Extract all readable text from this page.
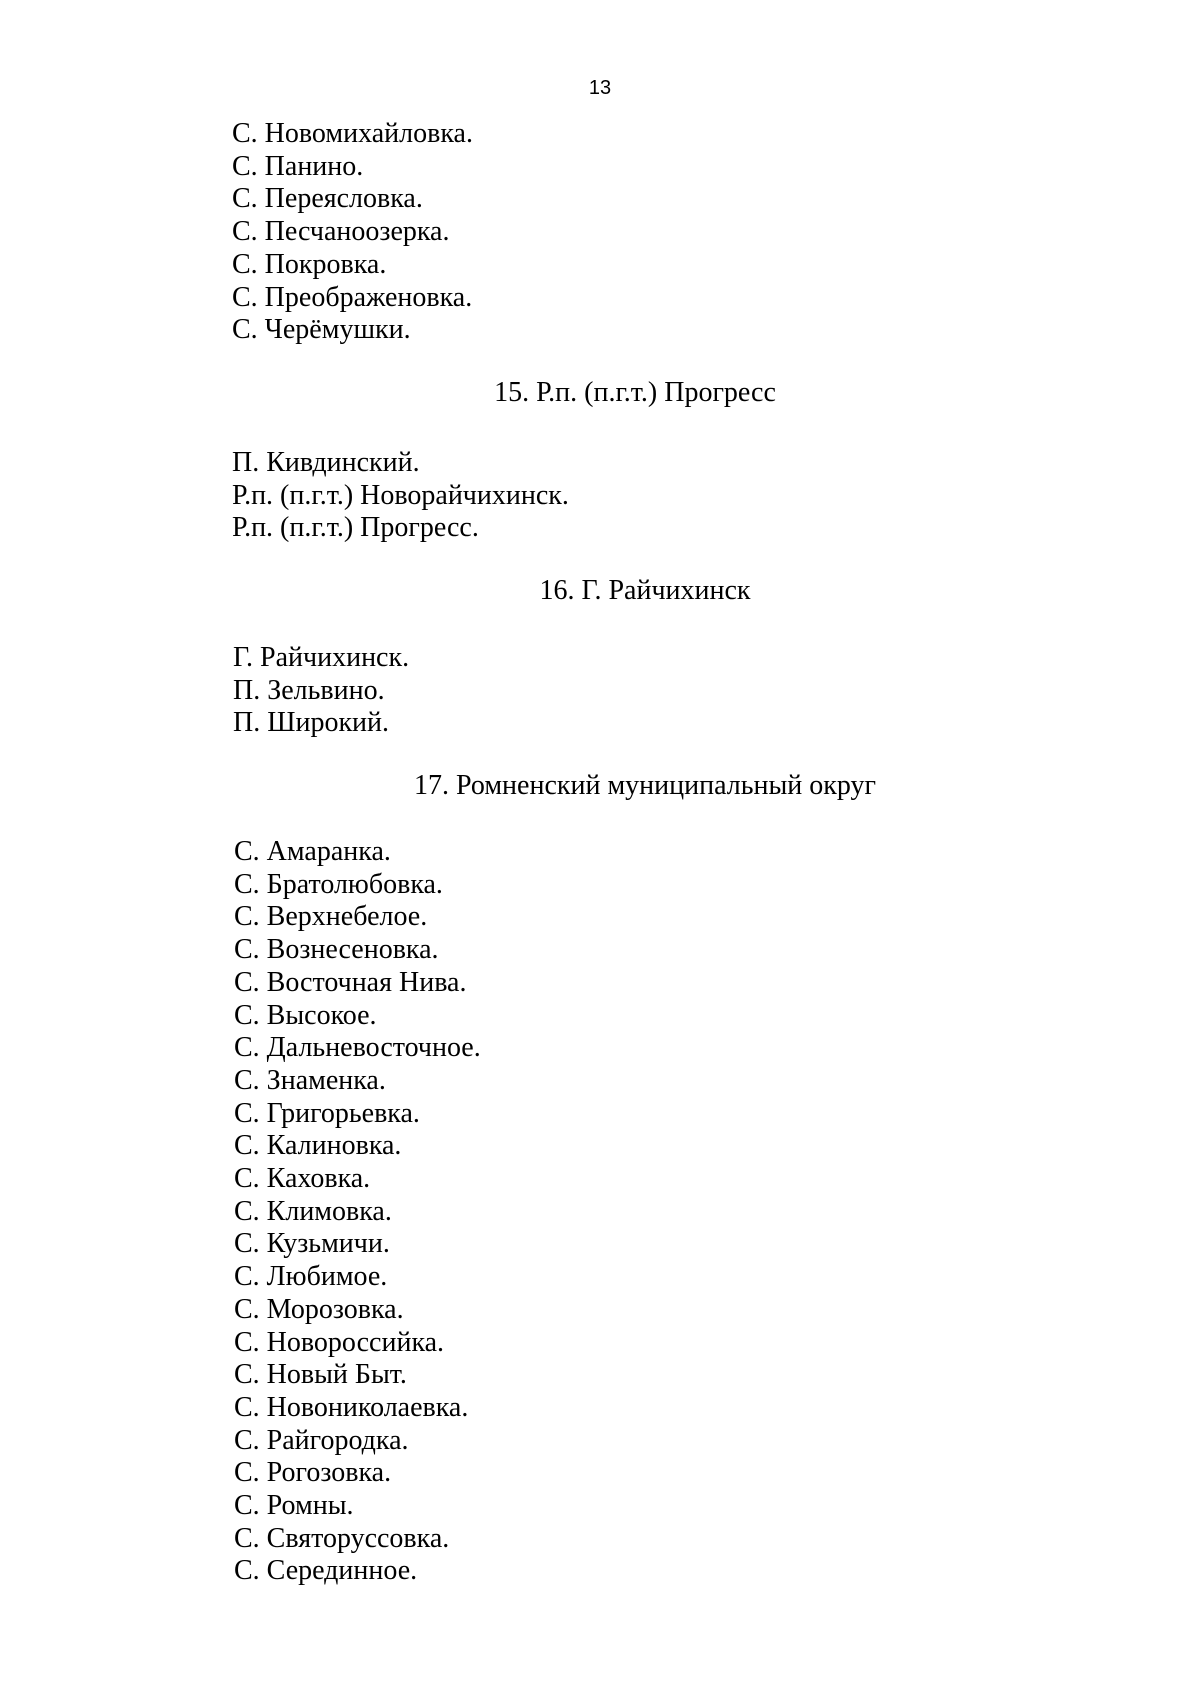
13
С. Новомихайловка.
С. Панино.
С. Переясловка.
С. Песчаноозерка.
С. Покровка.
С. Преображеновка.
С. Черёмушки.
15. Р.п. (п.г.т.) Прогресс
П. Кивдинский.
Р.п. (п.г.т.) Новорайчихинск.
Р.п. (п.г.т.) Прогресс.
16. Г. Райчихинск
Г. Райчихинск.
П. Зельвино.
П. Широкий.
17. Ромненский муниципальный округ
С. Амаранка.
С. Братолюбовка.
С. Верхнебелое.
С. Вознесеновка.
С. Восточная Нива.
С. Высокое.
С. Дальневосточное.
С. Знаменка.
С. Григорьевка.
С. Калиновка.
С. Каховка.
С. Климовка.
С. Кузьмичи.
С. Любимое.
С. Морозовка.
С. Новороссийка.
С. Новый Быт.
С. Новониколаевка.
С. Райгородка.
С. Рогозовка.
С. Ромны.
С. Святоруссовка.
С. Серединное.
